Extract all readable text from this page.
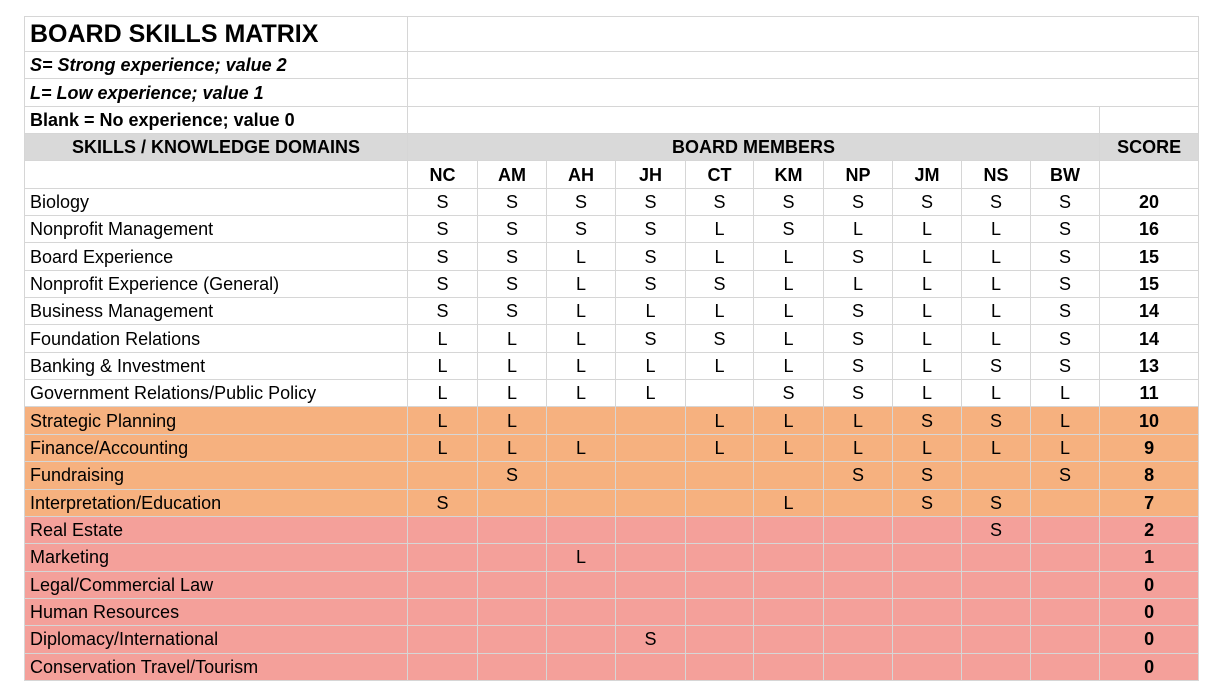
BOARD SKILLS MATRIX											
S= Strong experience; value 2											
L= Low experience; value 1											
Blank = No experience; value 0											
SKILLS / KNOWLEDGE DOMAINS	BOARD MEMBERS										SCORE
	NC	AM	AH	JH	CT	KM	NP	JM	NS	BW	
Biology	S	S	S	S	S	S	S	S	S	S	20
Nonprofit Management	S	S	S	S	L	S	L	L	L	S	16
Board Experience	S	S	L	S	L	L	S	L	L	S	15
Nonprofit Experience (General)	S	S	L	S	S	L	L	L	L	S	15
Business Management	S	S	L	L	L	L	S	L	L	S	14
Foundation Relations	L	L	L	S	S	L	S	L	L	S	14
Banking & Investment	L	L	L	L	L	L	S	L	S	S	13
Government Relations/Public Policy	L	L	L	L		S	S	L	L	L	11
Strategic Planning	L	L			L	L	L	S	S	L	10
Finance/Accounting	L	L	L		L	L	L	L	L	L	9
Fundraising		S					S	S		S	8
Interpretation/Education	S					L		S	S		7
Real Estate									S		2
Marketing			L								1
Legal/Commercial Law											0
Human Resources											0
Diplomacy/International				S							0
Conservation Travel/Tourism											0
